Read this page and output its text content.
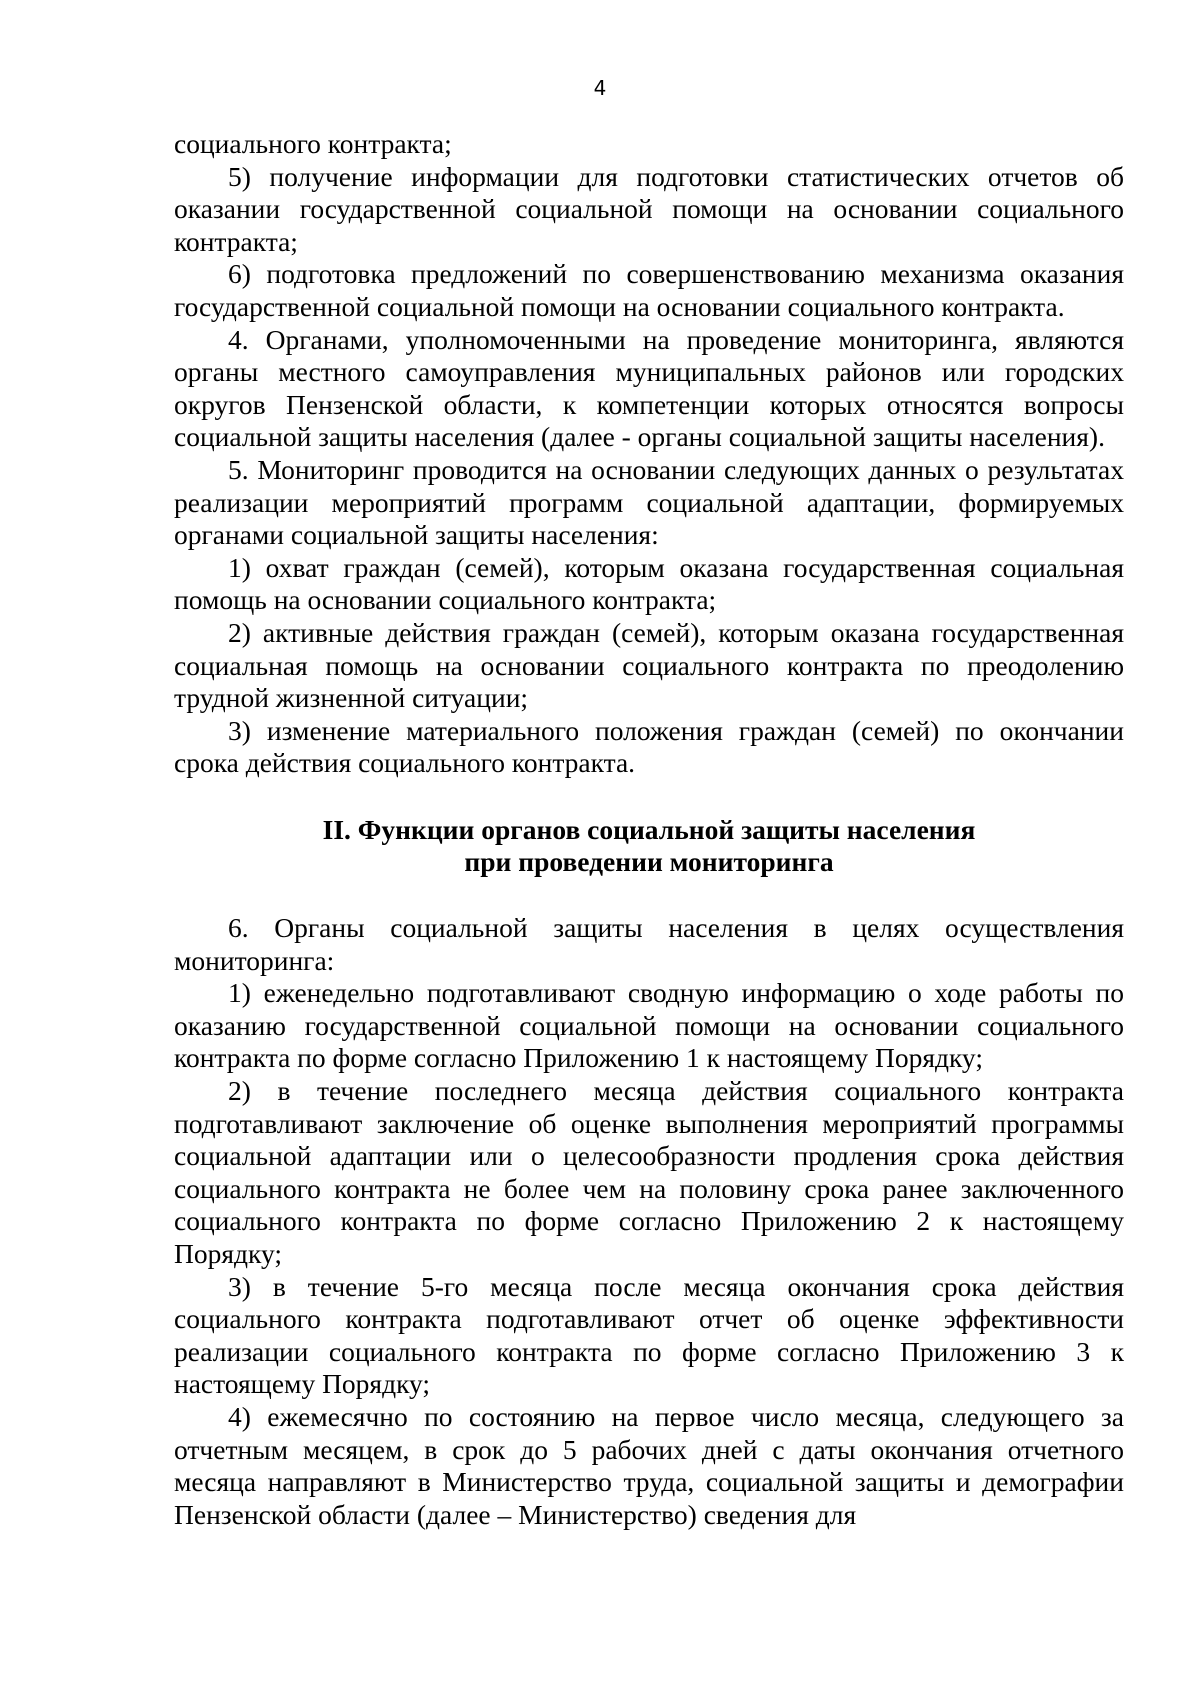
4

социального контракта;

5) получение информации для подготовки статистических отчетов об оказании государственной социальной помощи на основании социального контракта;

6) подготовка предложений по совершенствованию механизма оказания государственной социальной помощи на основании социального контракта.

4. Органами, уполномоченными на проведение мониторинга, являются органы местного самоуправления муниципальных районов или городских округов Пензенской области, к компетенции которых относятся вопросы социальной защиты населения (далее - органы социальной защиты населения).

5. Мониторинг проводится на основании следующих данных о результатах реализации мероприятий программ социальной адаптации, формируемых органами социальной защиты населения:

1) охват граждан (семей), которым оказана государственная социальная помощь на основании социального контракта;

2) активные действия граждан (семей), которым оказана государственная социальная помощь на основании социального контракта по преодолению трудной жизненной ситуации;

3) изменение материального положения граждан (семей) по окончании срока действия социального контракта.

II. Функции органов социальной защиты населения
при проведении мониторинга

6. Органы социальной защиты населения в целях осуществления мониторинга:

1) еженедельно подготавливают сводную информацию о ходе работы по оказанию государственной социальной помощи на основании социального контракта по форме согласно Приложению 1 к настоящему Порядку;

2) в течение последнего месяца действия социального контракта подготавливают заключение об оценке выполнения мероприятий программы социальной адаптации или о целесообразности продления срока действия социального контракта не более чем на половину срока ранее заключенного социального контракта по форме согласно Приложению 2 к настоящему Порядку;

3) в течение 5-го месяца после месяца окончания срока действия социального контракта подготавливают отчет об оценке эффективности реализации социального контракта по форме согласно Приложению 3 к настоящему Порядку;

4) ежемесячно по состоянию на первое число месяца, следующего за отчетным месяцем, в срок до 5 рабочих дней с даты окончания отчетного месяца направляют в Министерство труда, социальной защиты и демографии Пензенской области (далее – Министерство) сведения для
